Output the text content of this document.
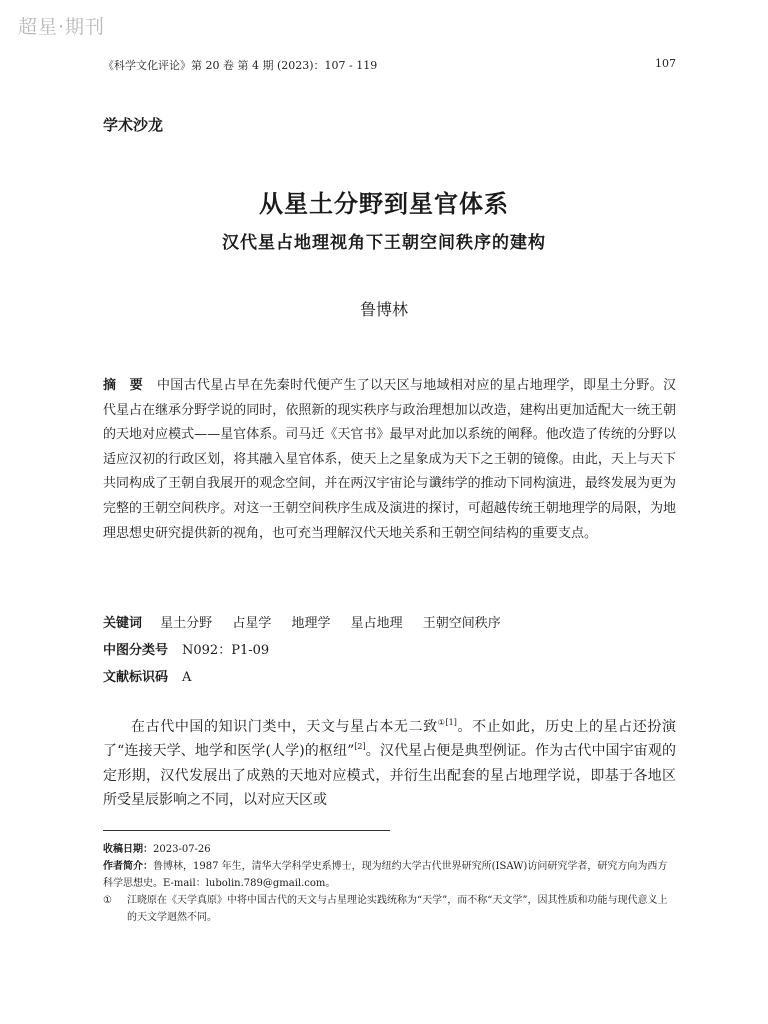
超星·期刊
《科学文化评论》第 20 卷 第 4 期 (2023)：107 - 119	107
学术沙龙
从星土分野到星官体系
汉代星占地理视角下王朝空间秩序的建构
鲁博林
摘　要 中国古代星占早在先秦时代便产生了以天区与地域相对应的星占地理学，即星土分野。汉代星占在继承分野学说的同时，依照新的现实秩序与政治理想加以改造，建构出更加适配大一统王朝的天地对应模式——星官体系。司马迁《天官书》最早对此加以系统的阐释。他改造了传统的分野以适应汉初的行政区划，将其融入星官体系，使天上之星象成为天下之王朝的镜像。由此，天上与天下共同构成了王朝自我展开的观念空间，并在两汉宇宙论与谶纬学的推动下同构演进，最终发展为更为完整的王朝空间秩序。对这一王朝空间秩序生成及演进的探讨，可超越传统王朝地理学的局限，为地理思想史研究提供新的视角，也可充当理解汉代天地关系和王朝空间结构的重要支点。
关键词 星土分野 占星学 地理学 星占地理 王朝空间秩序
中图分类号 N092：P1-09
文献标识码 A
在古代中国的知识门类中，天文与星占本无二致$^{①[1]}$。不止如此，历史上的星占还扮演了“连接天学、地学和医学(人学)的枢纽”[2]。汉代星占便是典型例证。作为古代中国宇宙观的定形期，汉代发展出了成熟的天地对应模式，并衍生出配套的星占地理学说，即基于各地区所受星辰影响之不同，以对应天区或
收稿日期：2023-07-26
作者简介：鲁博林，1987 年生，清华大学科学史系博士，现为纽约大学古代世界研究所(ISAW)访问研究学者，研究方向为西方科学思想史。E-mail：lubolin.789@gmail.com。
①	江晓原在《天学真原》中将中国古代的天文与占星理论实践统称为“天学”，而不称“天文学”，因其性质和功能与现代意义上的天文学迥然不同。
